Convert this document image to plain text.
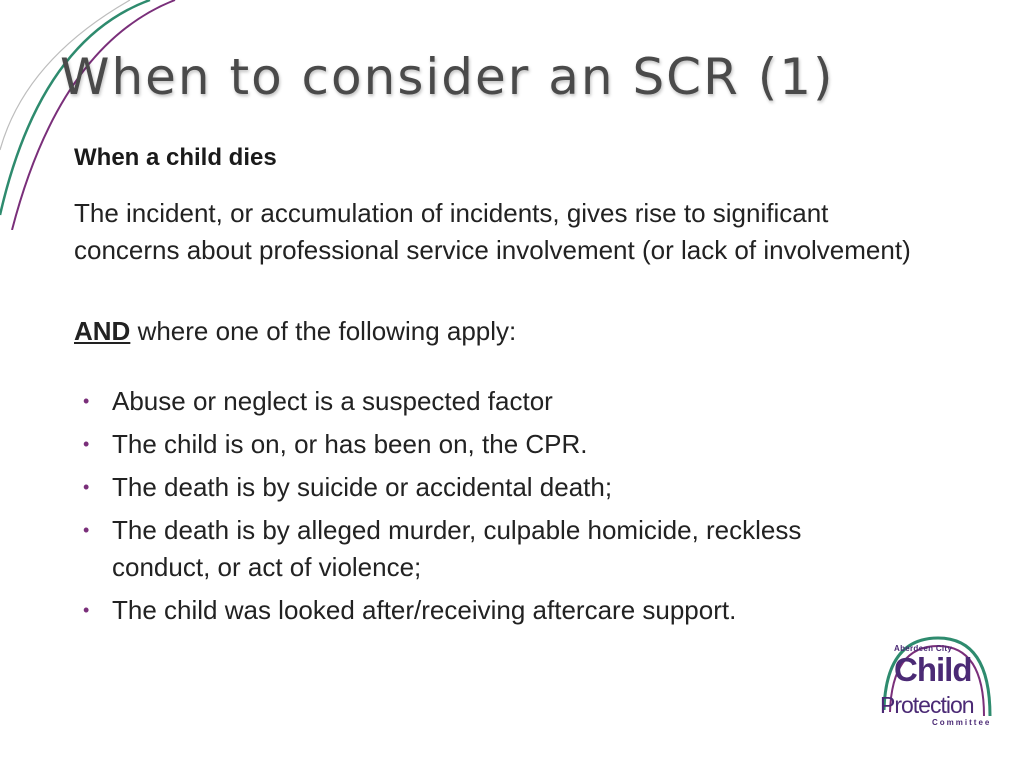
When to consider an SCR (1)

When a child dies

The incident, or accumulation of incidents, gives rise to significant concerns about professional service involvement (or lack of involvement)

AND where one of the following apply:

• Abuse or neglect is a suspected factor
• The child is on, or has been on, the CPR.
• The death is by suicide or accidental death;
• The death is by alleged murder, culpable homicide, reckless conduct, or act of violence;
• The child was looked after/receiving aftercare support.
Aberdeen City
Child
Protection
Committee
